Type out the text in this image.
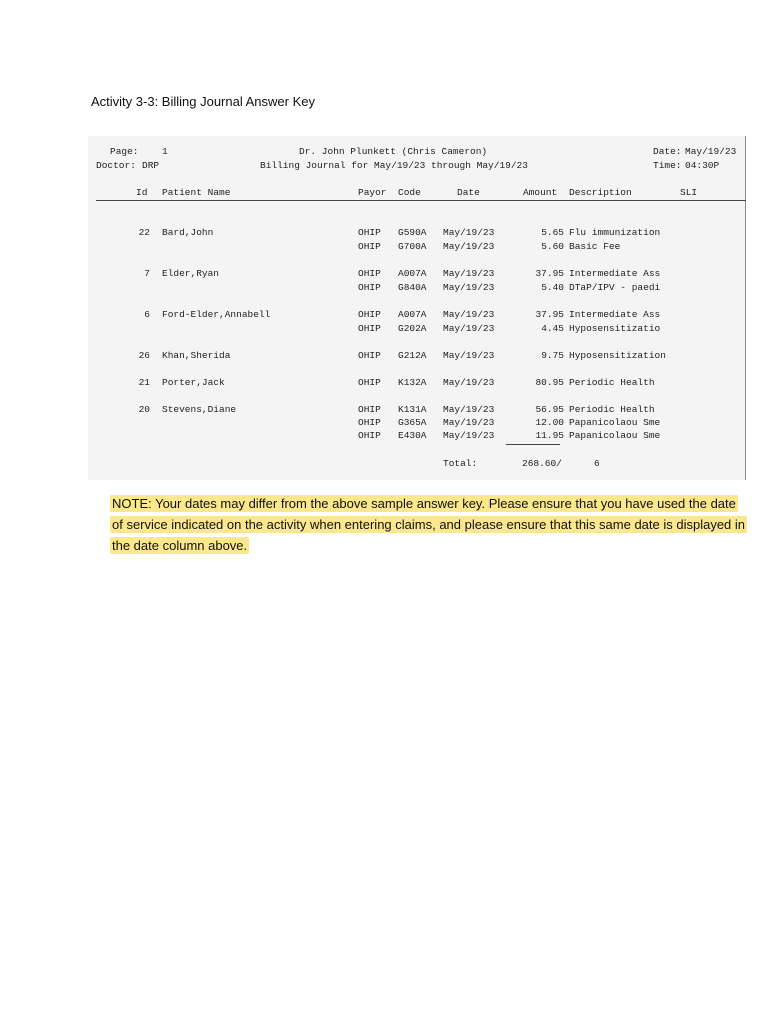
Activity 3-3: Billing Journal Answer Key
Page: 1
Doctor: DRP
Dr. John Plunkett (Chris Cameron)
Billing Journal for May/19/23 through May/19/23
Date: May/19/23
Time: 04:30P
Id Patient Name	Payor Code	Date	Amount Description	SLI
22 Bard,John	OHIP G590A May/19/23	5.65 Flu immunization
OHIP G700A May/19/23	5.60 Basic Fee
7 Elder,Ryan	OHIP A007A May/19/23	37.95 Intermediate Ass
OHIP G840A May/19/23	5.40 DTaP/IPV - paedi
6 Ford-Elder,Annabell	OHIP A007A May/19/23	37.95 Intermediate Ass
OHIP G202A May/19/23	4.45 Hyposensitizatio
26 Khan,Sherida	OHIP G212A May/19/23	9.75 Hyposensitization
21 Porter,Jack	OHIP K132A May/19/23	80.95 Periodic Health
20 Stevens,Diane	OHIP K131A May/19/23	56.95 Periodic Health
OHIP G365A May/19/23	12.00 Papanicolaou Sme
OHIP E430A May/19/23	11.95 Papanicolaou Sme
Total:	268.60/	6
NOTE: Your dates may differ from the above sample answer key. Please ensure that you have used the date of service indicated on the activity when entering claims, and please ensure that this same date is displayed in the date column above.
